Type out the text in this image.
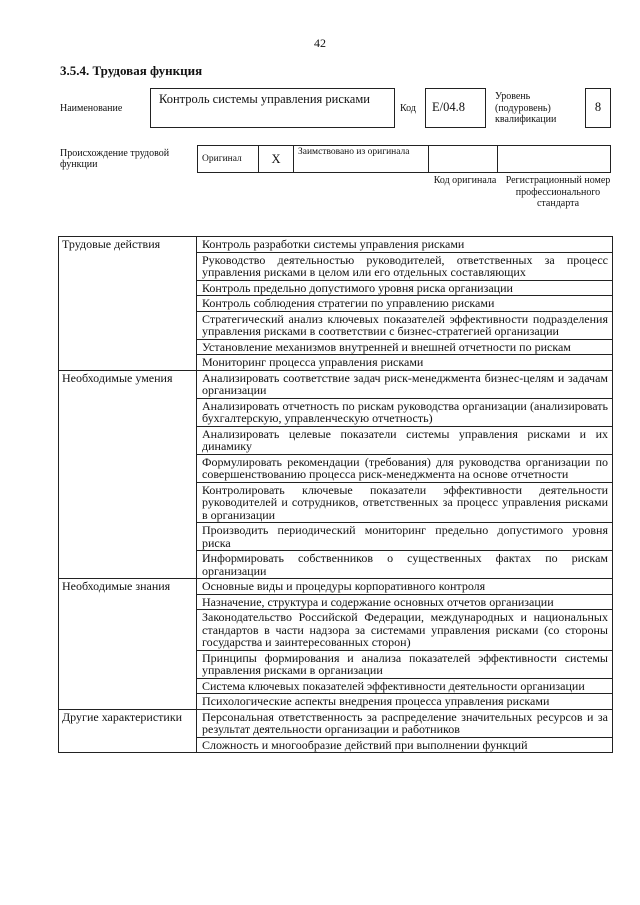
42
3.5.4. Трудовая функция
Наименование
Контроль системы управления рисками
Код	E/04.8
Уровень (подуровень) квалификации
8
Происхождение трудовой функции	Оригинал	X	Заимствовано из оригинала		
Код оригинала Регистрационный номер профессионального стандарта
Трудовые действия	Контроль разработки системы управления рисками
	Руководство деятельностью руководителей, ответственных за процесс управления рисками в целом или его отдельных составляющих
	Контроль предельно допустимого уровня риска организации
	Контроль соблюдения стратегии по управлению рисками
	Стратегический анализ ключевых показателей эффективности подразделения управления рисками в соответствии с бизнес-стратегией организации
	Установление механизмов внутренней и внешней отчетности по рискам
	Мониторинг процесса управления рисками
Необходимые умения	Анализировать соответствие задач риск-менеджмента бизнес-целям и задачам организации
	Анализировать отчетность по рискам руководства организации (анализировать бухгалтерскую, управленческую отчетность)
	Анализировать целевые показатели системы управления рисками и их динамику
	Формулировать рекомендации (требования) для руководства организации по совершенствованию процесса риск-менеджмента на основе отчетности
	Контролировать ключевые показатели эффективности деятельности руководителей и сотрудников, ответственных за процесс управления рисками в организации
	Производить периодический мониторинг предельно допустимого уровня риска
	Информировать собственников о существенных фактах по рискам организации
Необходимые знания	Основные виды и процедуры корпоративного контроля
	Назначение, структура и содержание основных отчетов организации
	Законодательство Российской Федерации, международных и национальных стандартов в части надзора за системами управления рисками (со стороны государства и заинтересованных сторон)
	Принципы формирования и анализа показателей эффективности системы управления рисками в организации
	Система ключевых показателей эффективности деятельности организации
	Психологические аспекты внедрения процесса управления рисками
Другие характеристики	Персональная ответственность за распределение значительных ресурсов и за результат деятельности организации и работников
	Сложность и многообразие действий при выполнении функций
